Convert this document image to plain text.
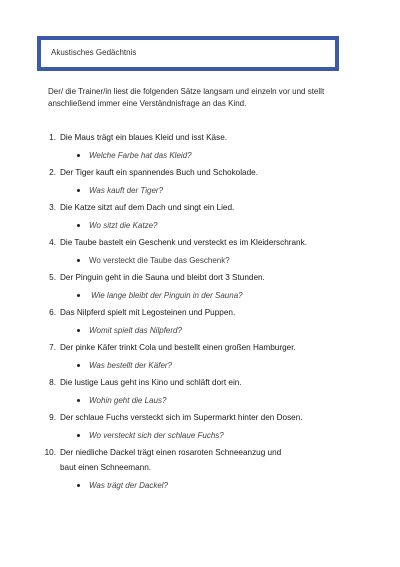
Akustisches Gedächtnis
Der/ die Trainer/in liest die folgenden Sätze langsam und einzeln vor und stellt anschließend immer eine Verständnisfrage an das Kind.
1. Die Maus trägt ein blaues Kleid und isst Käse.
Welche Farbe hat das Kleid?
2. Der Tiger kauft ein spannendes Buch und Schokolade.
Was kauft der Tiger?
3. Die Katze sitzt auf dem Dach und singt ein Lied.
Wo sitzt die Katze?
4. Die Taube bastelt ein Geschenk und versteckt es im Kleiderschrank.
Wo versteckt die Taube das Geschenk?
5. Der Pinguin geht in die Sauna und bleibt dort 3 Stunden.
Wie lange bleibt der Pinguin in der Sauna?
6. Das Nilpferd spielt mit Legosteinen und Puppen.
Womit spielt das Nilpferd?
7. Der pinke Käfer trinkt Cola und bestellt einen großen Hamburger.
Was bestellt der Käfer?
8. Die lustige Laus geht ins Kino und schläft dort ein.
Wohin geht die Laus?
9. Der schlaue Fuchs versteckt sich im Supermarkt hinter den Dosen.
Wo versteckt sich der schlaue Fuchs?
10. Der niedliche Dackel trägt einen rosaroten Schneeanzug und
baut einen Schneemann.
Was trägt der Dackel?
